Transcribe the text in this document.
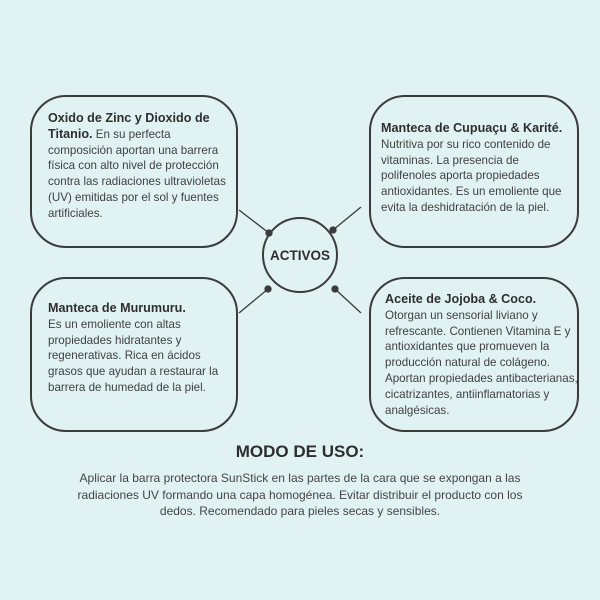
Oxido de Zinc y Dioxido de Titanio. En su perfecta composición aportan una barrera física con alto nivel de protección contra las radiaciones ultravioletas (UV) emitidas por el sol y fuentes artificiales.
Manteca de Cupuaçu & Karité.
Nutritiva por su rico contenido de vitaminas. La presencia de polifenoles aporta propiedades antioxidantes. Es un emoliente que evita la deshidratación de la piel.
Manteca de Murumuru.
Es un emoliente con altas propiedades hidratantes y regenerativas. Rica en ácidos grasos que ayudan a restaurar la barrera de humedad de la piel.
Aceite de Jojoba & Coco.
Otorgan un sensorial liviano y refrescante. Contienen Vitamina E y antioxidantes que promueven la producción natural de colágeno. Aportan propiedades antibacterianas, cicatrizantes, antiinflamatorias y analgésicas.
ACTIVOS
MODO DE USO:
Aplicar la barra protectora SunStick en las partes de la cara que se expongan a las radiaciones UV formando una capa homogénea. Evitar distribuir el producto con los dedos. Recomendado para pieles secas y sensibles.
